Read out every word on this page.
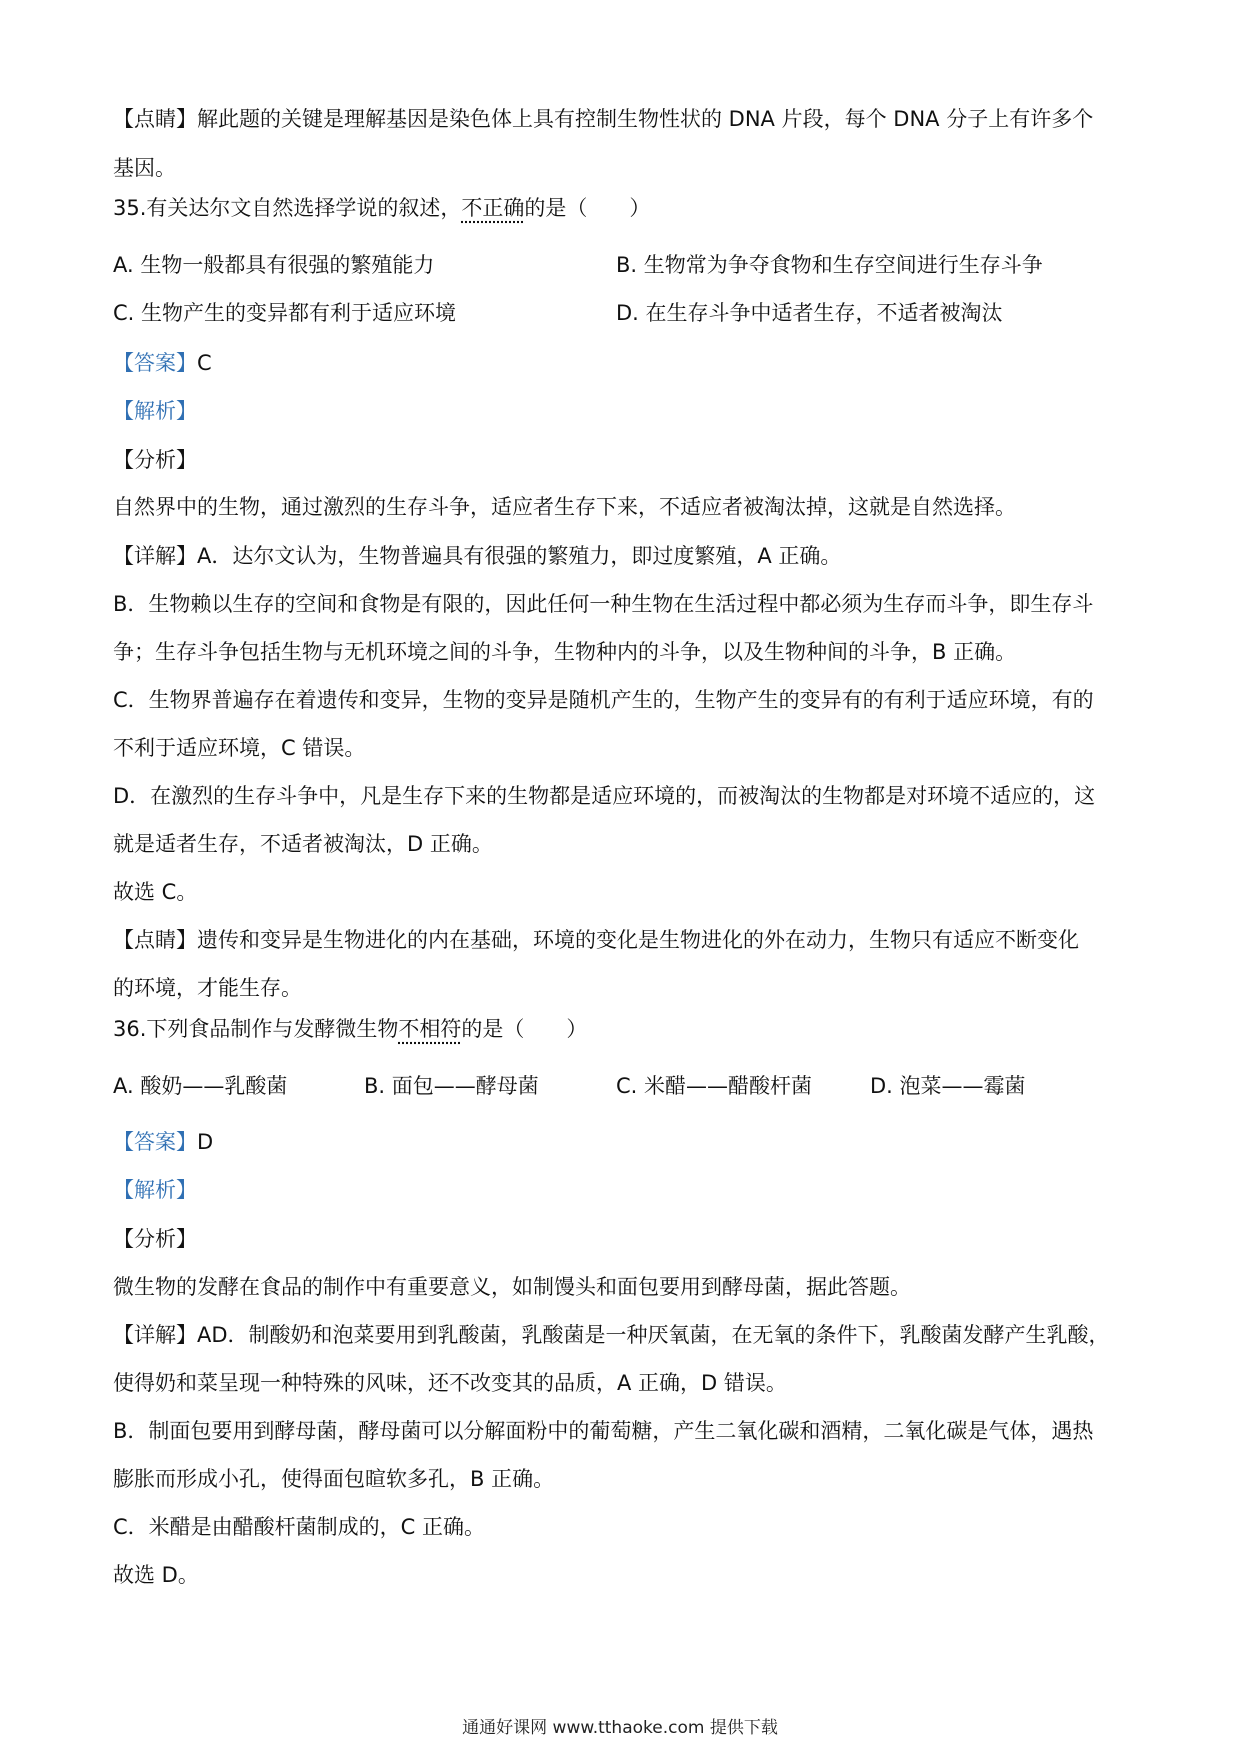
【点睛】解此题的关键是理解基因是染色体上具有控制生物性状的 DNA 片段，每个 DNA 分子上有许多个
基因。
35.有关达尔文自然选择学说的叙述，不正确的是（　　）
A. 生物一般都具有很强的繁殖能力	B. 生物常为争夺食物和生存空间进行生存斗争
C. 生物产生的变异都有利于适应环境	D. 在生存斗争中适者生存，不适者被淘汰
【答案】C
【解析】
【分析】
自然界中的生物，通过激烈的生存斗争，适应者生存下来，不适应者被淘汰掉，这就是自然选择。
【详解】A．达尔文认为，生物普遍具有很强的繁殖力，即过度繁殖，A 正确。
B．生物赖以生存的空间和食物是有限的，因此任何一种生物在生活过程中都必须为生存而斗争，即生存斗
争；生存斗争包括生物与无机环境之间的斗争，生物种内的斗争，以及生物种间的斗争，B 正确。
C．生物界普遍存在着遗传和变异，生物的变异是随机产生的，生物产生的变异有的有利于适应环境，有的
不利于适应环境，C 错误。
D．在激烈的生存斗争中，凡是生存下来的生物都是适应环境的，而被淘汰的生物都是对环境不适应的，这
就是适者生存，不适者被淘汰，D 正确。
故选 C。
【点睛】遗传和变异是生物进化的内在基础，环境的变化是生物进化的外在动力，生物只有适应不断变化
的环境，才能生存。
36.下列食品制作与发酵微生物不相符的是（　　）
A. 酸奶——乳酸菌	B. 面包——酵母菌	C. 米醋——醋酸杆菌	D. 泡菜——霉菌
【答案】D
【解析】
【分析】
微生物的发酵在食品的制作中有重要意义，如制馒头和面包要用到酵母菌，据此答题。
【详解】AD．制酸奶和泡菜要用到乳酸菌，乳酸菌是一种厌氧菌，在无氧的条件下，乳酸菌发酵产生乳酸，
使得奶和菜呈现一种特殊的风味，还不改变其的品质，A 正确，D 错误。
B．制面包要用到酵母菌，酵母菌可以分解面粉中的葡萄糖，产生二氧化碳和酒精，二氧化碳是气体，遇热
膨胀而形成小孔，使得面包暄软多孔，B 正确。
C．米醋是由醋酸杆菌制成的，C 正确。
故选 D。
通通好课网 www.tthaoke.com 提供下载
